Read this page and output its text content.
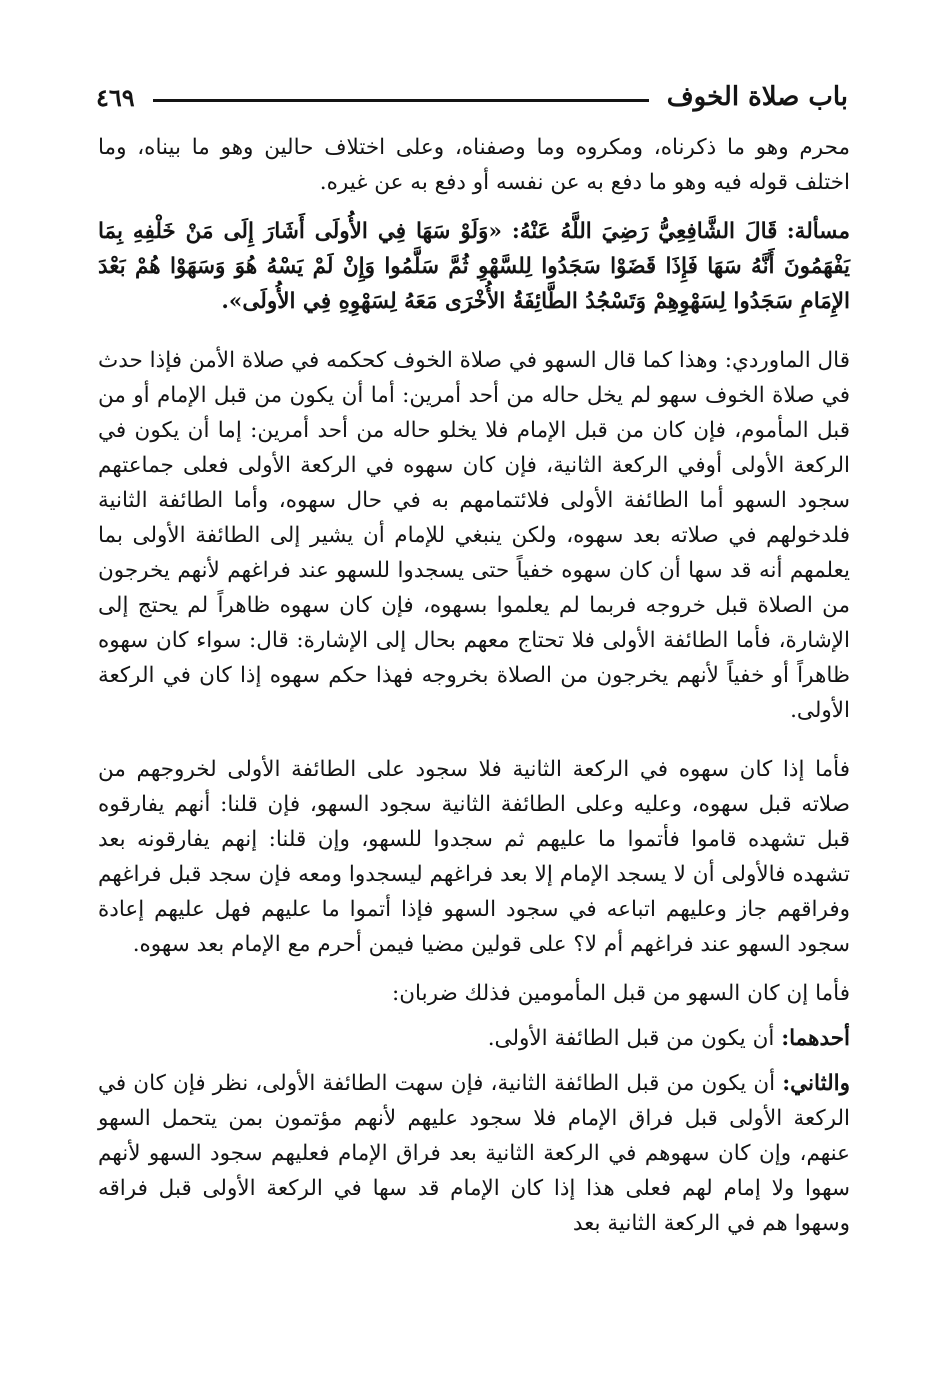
باب صلاة الخوف
٤٦٩

محرم وهو ما ذكرناه، ومكروه وما وصفناه، وعلى اختلاف حالين وهو ما بيناه، وما اختلف قوله فيه وهو ما دفع به عن نفسه أو دفع به عن غيره.

مسألة: قَالَ الشَّافِعِيُّ رَضِيَ اللَّهُ عَنْهُ: «وَلَوْ سَهَا فِي الأُولَى أَشَارَ إِلَى مَنْ خَلْفِهِ بِمَا يَفْهَمُونَ أَنَّهُ سَهَا فَإِذَا قَضَوْا سَجَدُوا لِلسَّهْوِ ثُمَّ سَلَّمُوا وَإِنْ لَمْ يَسْهُ هُوَ وَسَهَوْا هُمْ بَعْدَ الإِمَامِ سَجَدُوا لِسَهْوِهِمْ وَتَسْجُدُ الطَّائِفَةُ الأُخْرَى مَعَهُ لِسَهْوِهِ فِي الأُولَى».

قال الماوردي: وهذا كما قال السهو في صلاة الخوف كحكمه في صلاة الأمن فإذا حدث في صلاة الخوف سهو لم يخل حاله من أحد أمرين: أما أن يكون من قبل الإمام أو من قبل المأموم، فإن كان من قبل الإمام فلا يخلو حاله من أحد أمرين: إما أن يكون في الركعة الأولى أوفي الركعة الثانية، فإن كان سهوه في الركعة الأولى فعلى جماعتهم سجود السهو أما الطائفة الأولى فلائتمامهم به في حال سهوه، وأما الطائفة الثانية فلدخولهم في صلاته بعد سهوه، ولكن ينبغي للإمام أن يشير إلى الطائفة الأولى بما يعلمهم أنه قد سها أن كان سهوه خفياً حتى يسجدوا للسهو عند فراغهم لأنهم يخرجون من الصلاة قبل خروجه فربما لم يعلموا بسهوه، فإن كان سهوه ظاهراً لم يحتج إلى الإشارة، فأما الطائفة الأولى فلا تحتاج معهم بحال إلى الإشارة: قال: سواء كان سهوه ظاهراً أو خفياً لأنهم يخرجون من الصلاة بخروجه فهذا حكم سهوه إذا كان في الركعة الأولى.

فأما إذا كان سهوه في الركعة الثانية فلا سجود على الطائفة الأولى لخروجهم من صلاته قبل سهوه، وعليه وعلى الطائفة الثانية سجود السهو، فإن قلنا: أنهم يفارقوه قبل تشهده قاموا فأتموا ما عليهم ثم سجدوا للسهو، وإن قلنا: إنهم يفارقونه بعد تشهده فالأولى أن لا يسجد الإمام إلا بعد فراغهم ليسجدوا ومعه فإن سجد قبل فراغهم وفراقهم جاز وعليهم اتباعه في سجود السهو فإذا أتموا ما عليهم فهل عليهم إعادة سجود السهو عند فراغهم أم لا؟ على قولين مضيا فيمن أحرم مع الإمام بعد سهوه.

فأما إن كان السهو من قبل المأمومين فذلك ضربان:

أحدهما: أن يكون من قبل الطائفة الأولى.

والثاني: أن يكون من قبل الطائفة الثانية، فإن سهت الطائفة الأولى، نظر فإن كان في الركعة الأولى قبل فراق الإمام فلا سجود عليهم لأنهم مؤتمون بمن يتحمل السهو عنهم، وإن كان سهوهم في الركعة الثانية بعد فراق الإمام فعليهم سجود السهو لأنهم سهوا ولا إمام لهم فعلى هذا إذا كان الإمام قد سها في الركعة الأولى قبل فراقه وسهوا هم في الركعة الثانية بعد
